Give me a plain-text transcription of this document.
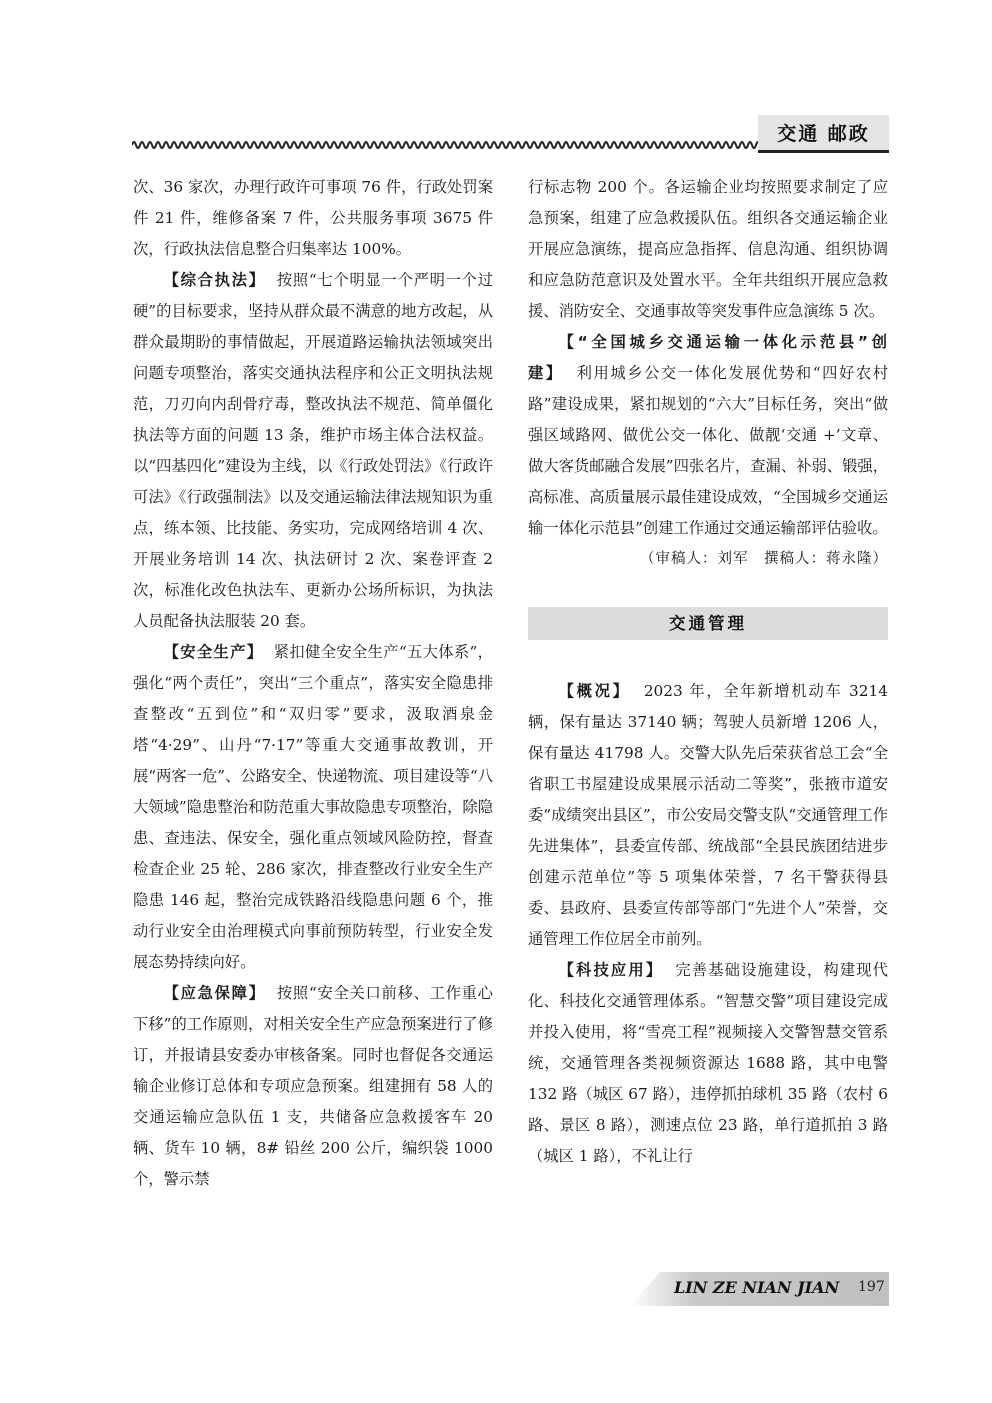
交通 邮政

次、36 家次，办理行政许可事项 76 件，行政处罚案件 21 件，维修备案 7 件，公共服务事项 3675 件次，行政执法信息整合归集率达 100%。

【综合执法】 按照“七个明显一个严明一个过硬”的目标要求，坚持从群众最不满意的地方改起，从群众最期盼的事情做起，开展道路运输执法领域突出问题专项整治，落实交通执法程序和公正文明执法规范，刀刃向内刮骨疗毒，整改执法不规范、简单僵化执法等方面的问题 13 条，维护市场主体合法权益。以“四基四化”建设为主线，以《行政处罚法》《行政许可法》《行政强制法》以及交通运输法律法规知识为重点，练本领、比技能、务实功，完成网络培训 4 次、开展业务培训 14 次、执法研讨 2 次、案卷评查 2 次，标准化改色执法车、更新办公场所标识，为执法人员配备执法服装 20 套。

【安全生产】 紧扣健全安全生产“五大体系”，强化“两个责任”，突出“三个重点”，落实安全隐患排查整改“五到位”和“双归零”要求，汲取酒泉金塔“4·29”、山丹“7·17”等重大交通事故教训，开展“两客一危”、公路安全、快递物流、项目建设等“八大领域”隐患整治和防范重大事故隐患专项整治，除隐患、查违法、保安全，强化重点领域风险防控，督查检查企业 25 轮、286 家次，排查整改行业安全生产隐患 146 起，整治完成铁路沿线隐患问题 6 个，推动行业安全由治理模式向事前预防转型，行业安全发展态势持续向好。

【应急保障】 按照“安全关口前移、工作重心下移”的工作原则，对相关安全生产应急预案进行了修订，并报请县安委办审核备案。同时也督促各交通运输企业修订总体和专项应急预案。组建拥有 58 人的交通运输应急队伍 1 支，共储备应急救援客车 20 辆、货车 10 辆，8# 铅丝 200 公斤，编织袋 1000 个，警示禁

行标志物 200 个。各运输企业均按照要求制定了应急预案，组建了应急救援队伍。组织各交通运输企业开展应急演练，提高应急指挥、信息沟通、组织协调和应急防范意识及处置水平。全年共组织开展应急救援、消防安全、交通事故等突发事件应急演练 5 次。

【“全国城乡交通运输一体化示范县”创建】 利用城乡公交一体化发展优势和“四好农村路”建设成果，紧扣规划的“六大”目标任务，突出“做强区域路网、做优公交一体化、做靓‘交通 +’文章、做大客货邮融合发展”四张名片，查漏、补弱、锻强，高标准、高质量展示最佳建设成效，“全国城乡交通运输一体化示范县”创建工作通过交通运输部评估验收。

（审稿人：刘军　撰稿人：蒋永隆）

交通管理

【概况】 2023 年，全年新增机动车 3214 辆，保有量达 37140 辆；驾驶人员新增 1206 人，保有量达 41798 人。交警大队先后荣获省总工会“全省职工书屋建设成果展示活动二等奖”，张掖市道安委“成绩突出县区”，市公安局交警支队“交通管理工作先进集体”，县委宣传部、统战部“全县民族团结进步创建示范单位”等 5 项集体荣誉，7 名干警获得县委、县政府、县委宣传部等部门“先进个人”荣誉，交通管理工作位居全市前列。

【科技应用】 完善基础设施建设，构建现代化、科技化交通管理体系。“智慧交警”项目建设完成并投入使用，将“雪亮工程”视频接入交警智慧交管系统，交通管理各类视频资源达 1688 路，其中电警 132 路（城区 67 路），违停抓拍球机 35 路（农村 6 路、景区 8 路），测速点位 23 路，单行道抓拍 3 路（城区 1 路），不礼让行

LIN ZE NIAN JIAN 197
